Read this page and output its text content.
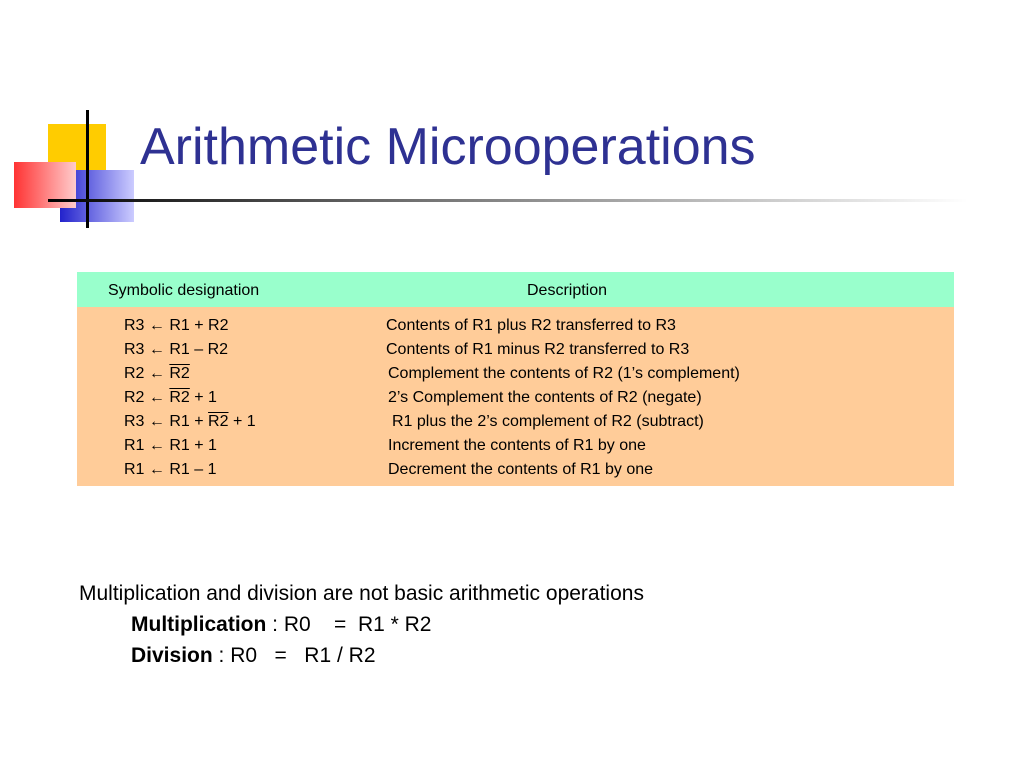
Arithmetic Microoperations
Symbolic designation	Description
R3 ← R1 + R2	Contents of R1 plus R2 transferred to R3
R3 ← R1 – R2	Contents of R1 minus R2 transferred to R3
R2 ← R2	Complement the contents of R2 (1’s complement)
R2 ← R2 + 1	2’s Complement the contents of R2 (negate)
R3 ← R1 + R2 + 1	R1 plus the 2’s complement of R2 (subtract)
R1 ← R1 + 1	Increment the contents of R1 by one
R1 ← R1 – 1	Decrement the contents of R1 by one
Multiplication and division are not basic arithmetic operations
Multiplication : R0    =  R1 * R2
Division : R0   =   R1 / R2
